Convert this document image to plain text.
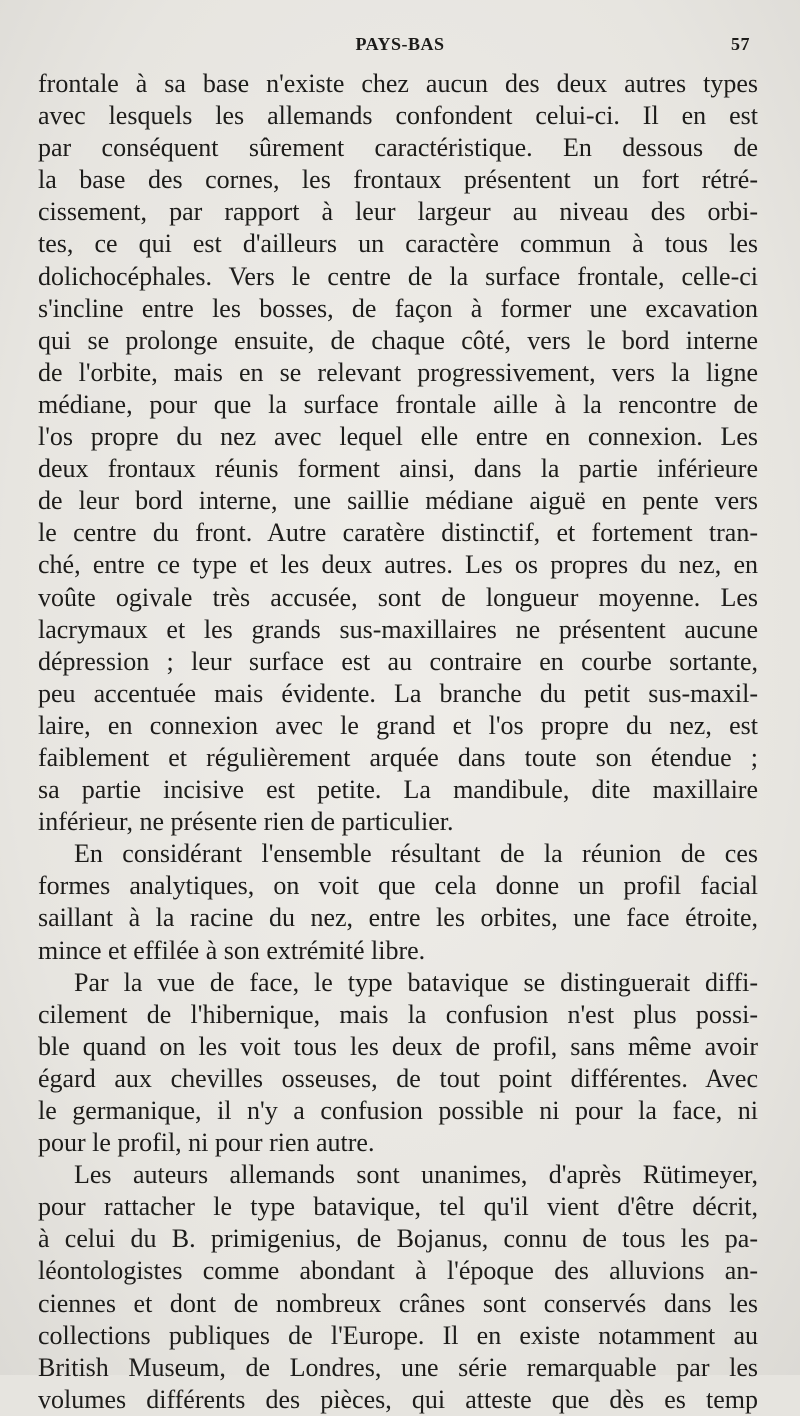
PAYS-BAS	57
frontale à sa base n'existe chez aucun des deux autres types
avec lesquels les allemands confondent celui-ci. Il en est
par conséquent sûrement caractéristique. En dessous de
la base des cornes, les frontaux présentent un fort rétré-
cissement, par rapport à leur largeur au niveau des orbi-
tes, ce qui est d'ailleurs un caractère commun à tous les
dolichocéphales. Vers le centre de la surface frontale, celle-ci
s'incline entre les bosses, de façon à former une excavation
qui se prolonge ensuite, de chaque côté, vers le bord interne
de l'orbite, mais en se relevant progressivement, vers la ligne
médiane, pour que la surface frontale aille à la rencontre de
l'os propre du nez avec lequel elle entre en connexion. Les
deux frontaux réunis forment ainsi, dans la partie inférieure
de leur bord interne, une saillie médiane aiguë en pente vers
le centre du front. Autre caratère distinctif, et fortement tran-
ché, entre ce type et les deux autres. Les os propres du nez, en
voûte ogivale très accusée, sont de longueur moyenne. Les
lacrymaux et les grands sus-maxillaires ne présentent aucune
dépression ; leur surface est au contraire en courbe sortante,
peu accentuée mais évidente. La branche du petit sus-maxil-
laire, en connexion avec le grand et l'os propre du nez, est
faiblement et régulièrement arquée dans toute son étendue ;
sa partie incisive est petite. La mandibule, dite maxillaire
inférieur, ne présente rien de particulier.
En considérant l'ensemble résultant de la réunion de ces
formes analytiques, on voit que cela donne un profil facial
saillant à la racine du nez, entre les orbites, une face étroite,
mince et effilée à son extrémité libre.
Par la vue de face, le type batavique se distinguerait diffi-
cilement de l'hibernique, mais la confusion n'est plus possi-
ble quand on les voit tous les deux de profil, sans même avoir
égard aux chevilles osseuses, de tout point différentes. Avec
le germanique, il n'y a confusion possible ni pour la face, ni
pour le profil, ni pour rien autre.
Les auteurs allemands sont unanimes, d'après Rütimeyer,
pour rattacher le type batavique, tel qu'il vient d'être décrit,
à celui du B. primigenius, de Bojanus, connu de tous les pa-
léontologistes comme abondant à l'époque des alluvions an-
ciennes et dont de nombreux crânes sont conservés dans les
collections publiques de l'Europe. Il en existe notamment au
British Museum, de Londres, une série remarquable par les
volumes différents des pièces, qui atteste que dès es temp
